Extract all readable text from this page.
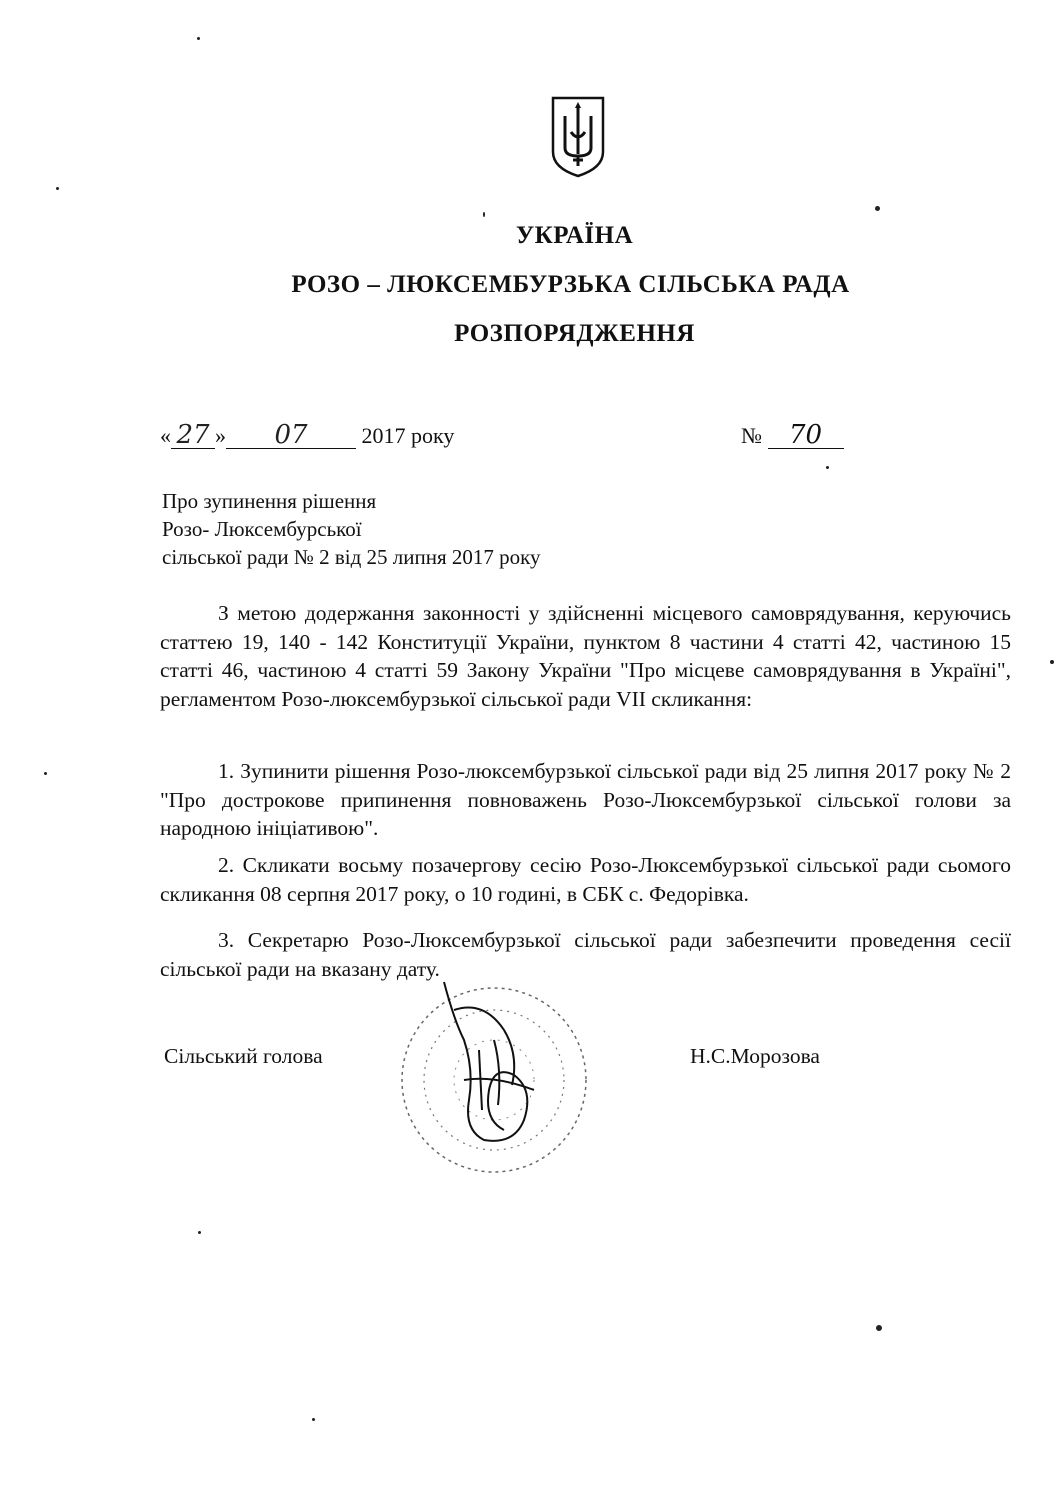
УКРАЇНА
РОЗО – ЛЮКСЕМБУРЗЬКА СІЛЬСЬКА РАДА
РОЗПОРЯДЖЕННЯ
« 27 » 07 2017 року	№ 70
Про зупинення рішення
Розо- Люксембурської
сільської ради № 2 від 25 липня 2017 року

З метою додержання законності у здійсненні місцевого самоврядування, керуючись статтею 19, 140 - 142 Конституції України, пунктом 8 частини 4 статті 42, частиною 15 статті 46, частиною 4 статті 59 Закону України "Про місцеве самоврядування в Україні", регламентом Розо-люксембурзької сільської ради VII скликання:

1. Зупинити рішення Розо-люксембурзької сільської ради від 25 липня 2017 року № 2 "Про дострокове припинення повноважень Розо-Люксембурзької сільської голови за народною ініціативою".

2. Скликати восьму позачергову сесію Розо-Люксембурзької сільської ради сьомого скликання 08 серпня 2017 року, о 10 годині, в СБК с. Федорівка.

3. Секретарю Розо-Люксембурзької сільської ради забезпечити проведення сесії сільської ради на вказану дату.

Сільський голова	Н.С.Морозова
